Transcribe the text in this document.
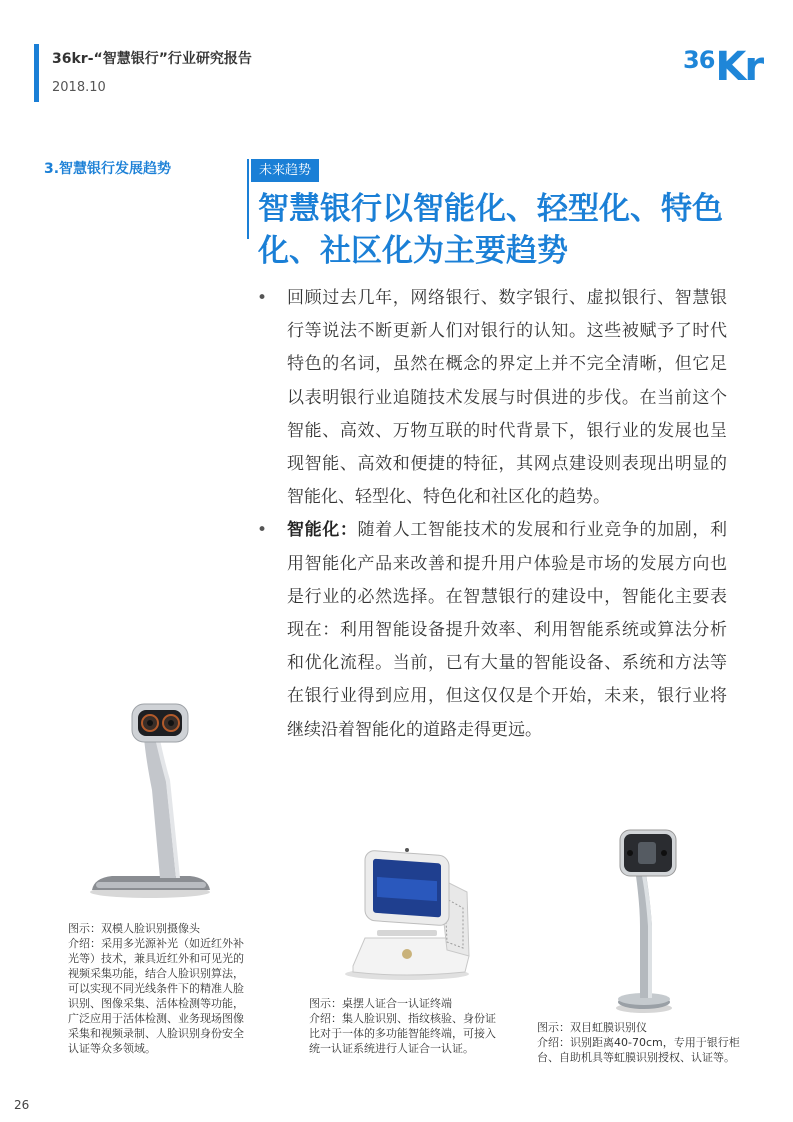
36kr-“智慧银行”行业研究报告
2018.10
36Kr
3.智慧银行发展趋势	未来趋势
智慧银行以智能化、轻型化、特色化、社区化为主要趋势
• 回顾过去几年，网络银行、数字银行、虚拟银行、智慧银行等说法不断更新人们对银行的认知。这些被赋予了时代特色的名词，虽然在概念的界定上并不完全清晰，但它足以表明银行业追随技术发展与时俱进的步伐。在当前这个智能、高效、万物互联的时代背景下，银行业的发展也呈现智能、高效和便捷的特征，其网点建设则表现出明显的智能化、轻型化、特色化和社区化的趋势。
• 智能化：随着人工智能技术的发展和行业竞争的加剧，利用智能化产品来改善和提升用户体验是市场的发展方向也是行业的必然选择。在智慧银行的建设中，智能化主要表现在：利用智能设备提升效率、利用智能系统或算法分析和优化流程。当前，已有大量的智能设备、系统和方法等在银行业得到应用，但这仅仅是个开始，未来，银行业将继续沿着智能化的道路走得更远。
图示：双模人脸识别摄像头
介绍：采用多光源补光（如近红外补光等）技术，兼具近红外和可见光的视频采集功能，结合人脸识别算法，可以实现不同光线条件下的精准人脸识别、图像采集、活体检测等功能，广泛应用于活体检测、业务现场图像采集和视频录制、人脸识别身份安全认证等众多领域。
图示：桌摆人证合一认证终端
介绍：集人脸识别、指纹核验、身份证比对于一体的多功能智能终端，可接入统一认证系统进行人证合一认证。
图示：双目虹膜识别仪
介绍：识别距离40-70cm，专用于银行柜台、自助机具等虹膜识别授权、认证等。
26
